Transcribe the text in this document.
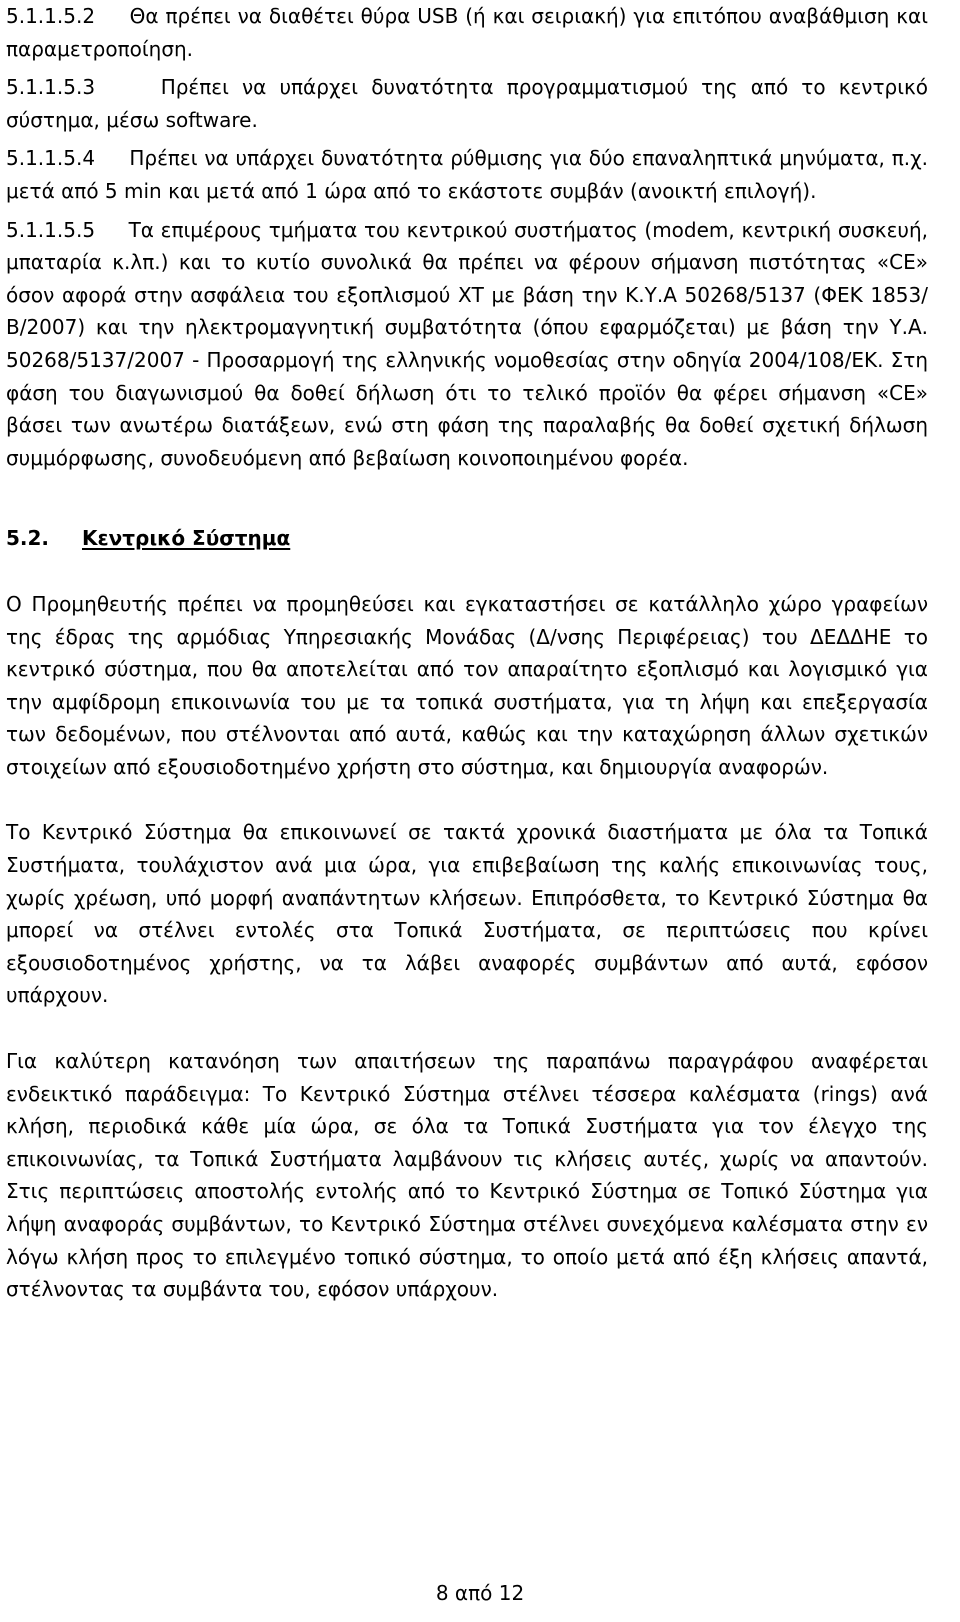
5.1.1.5.2 Θα πρέπει να διαθέτει θύρα USB (ή και σειριακή) για επιτόπου αναβάθμιση και παραμετροποίηση.

5.1.1.5.3	Πρέπει να υπάρχει δυνατότητα προγραμματισμού της από το κεντρικό σύστημα, μέσω software.

5.1.1.5.4 Πρέπει να υπάρχει δυνατότητα ρύθμισης για δύο επαναληπτικά μηνύματα, π.χ. μετά από 5 min και μετά από 1 ώρα από το εκάστοτε συμβάν (ανοικτή επιλογή).

5.1.1.5.5 Τα επιμέρους τμήματα του κεντρικού συστήματος (modem, κεντρική συσκευή, μπαταρία κ.λπ.) και το κυτίο συνολικά θα πρέπει να φέρουν σήμανση πιστότητας «CE» όσον αφορά στην ασφάλεια του εξοπλισμού ΧΤ με βάση την Κ.Υ.Α 50268/5137 (ΦΕΚ 1853/Β/2007) και την ηλεκτρομαγνητική συμβατότητα (όπου εφαρμόζεται) με βάση την Υ.Α. 50268/5137/2007 - Προσαρμογή της ελληνικής νομοθεσίας στην οδηγία 2004/108/ΕΚ. Στη φάση του διαγωνισμού θα δοθεί δήλωση ότι το τελικό προϊόν θα φέρει σήμανση «CE» βάσει των ανωτέρω διατάξεων, ενώ στη φάση της παραλαβής θα δοθεί σχετική δήλωση συμμόρφωσης, συνοδευόμενη από βεβαίωση κοινοποιημένου φορέα.

5.2.	Κεντρικό Σύστημα

Ο Προμηθευτής πρέπει να προμηθεύσει και εγκαταστήσει σε κατάλληλο χώρο γραφείων της έδρας της αρμόδιας Υπηρεσιακής Μονάδας (Δ/νσης Περιφέρειας) του ΔΕΔΔΗΕ το κεντρικό σύστημα, που θα αποτελείται από τον απαραίτητο εξοπλισμό και λογισμικό για την αμφίδρομη επικοινωνία του με τα τοπικά συστήματα, για τη λήψη και επεξεργασία των δεδομένων, που στέλνονται από αυτά, καθώς και την καταχώρηση άλλων σχετικών στοιχείων από εξουσιοδοτημένο χρήστη στο σύστημα, και δημιουργία αναφορών.

Το Κεντρικό Σύστημα θα επικοινωνεί σε τακτά χρονικά διαστήματα με όλα τα Τοπικά Συστήματα, τουλάχιστον ανά μια ώρα, για επιβεβαίωση της καλής επικοινωνίας τους, χωρίς χρέωση, υπό μορφή αναπάντητων κλήσεων. Επιπρόσθετα, το Κεντρικό Σύστημα θα μπορεί να στέλνει εντολές στα Τοπικά Συστήματα, σε περιπτώσεις που κρίνει εξουσιοδοτημένος χρήστης, να τα λάβει αναφορές συμβάντων από αυτά, εφόσον υπάρχουν.

Για καλύτερη κατανόηση των απαιτήσεων της παραπάνω παραγράφου αναφέρεται ενδεικτικό παράδειγμα: Το Κεντρικό Σύστημα στέλνει τέσσερα καλέσματα (rings) ανά κλήση, περιοδικά κάθε μία ώρα, σε όλα τα Τοπικά Συστήματα για τον έλεγχο της επικοινωνίας, τα Τοπικά Συστήματα λαμβάνουν τις κλήσεις αυτές, χωρίς να απαντούν. Στις περιπτώσεις αποστολής εντολής από το Κεντρικό Σύστημα σε Τοπικό Σύστημα για λήψη αναφοράς συμβάντων, το Κεντρικό Σύστημα στέλνει συνεχόμενα καλέσματα στην εν λόγω κλήση προς το επιλεγμένο τοπικό σύστημα, το οποίο μετά από έξη κλήσεις απαντά, στέλνοντας τα συμβάντα του, εφόσον υπάρχουν.

8 από 12
